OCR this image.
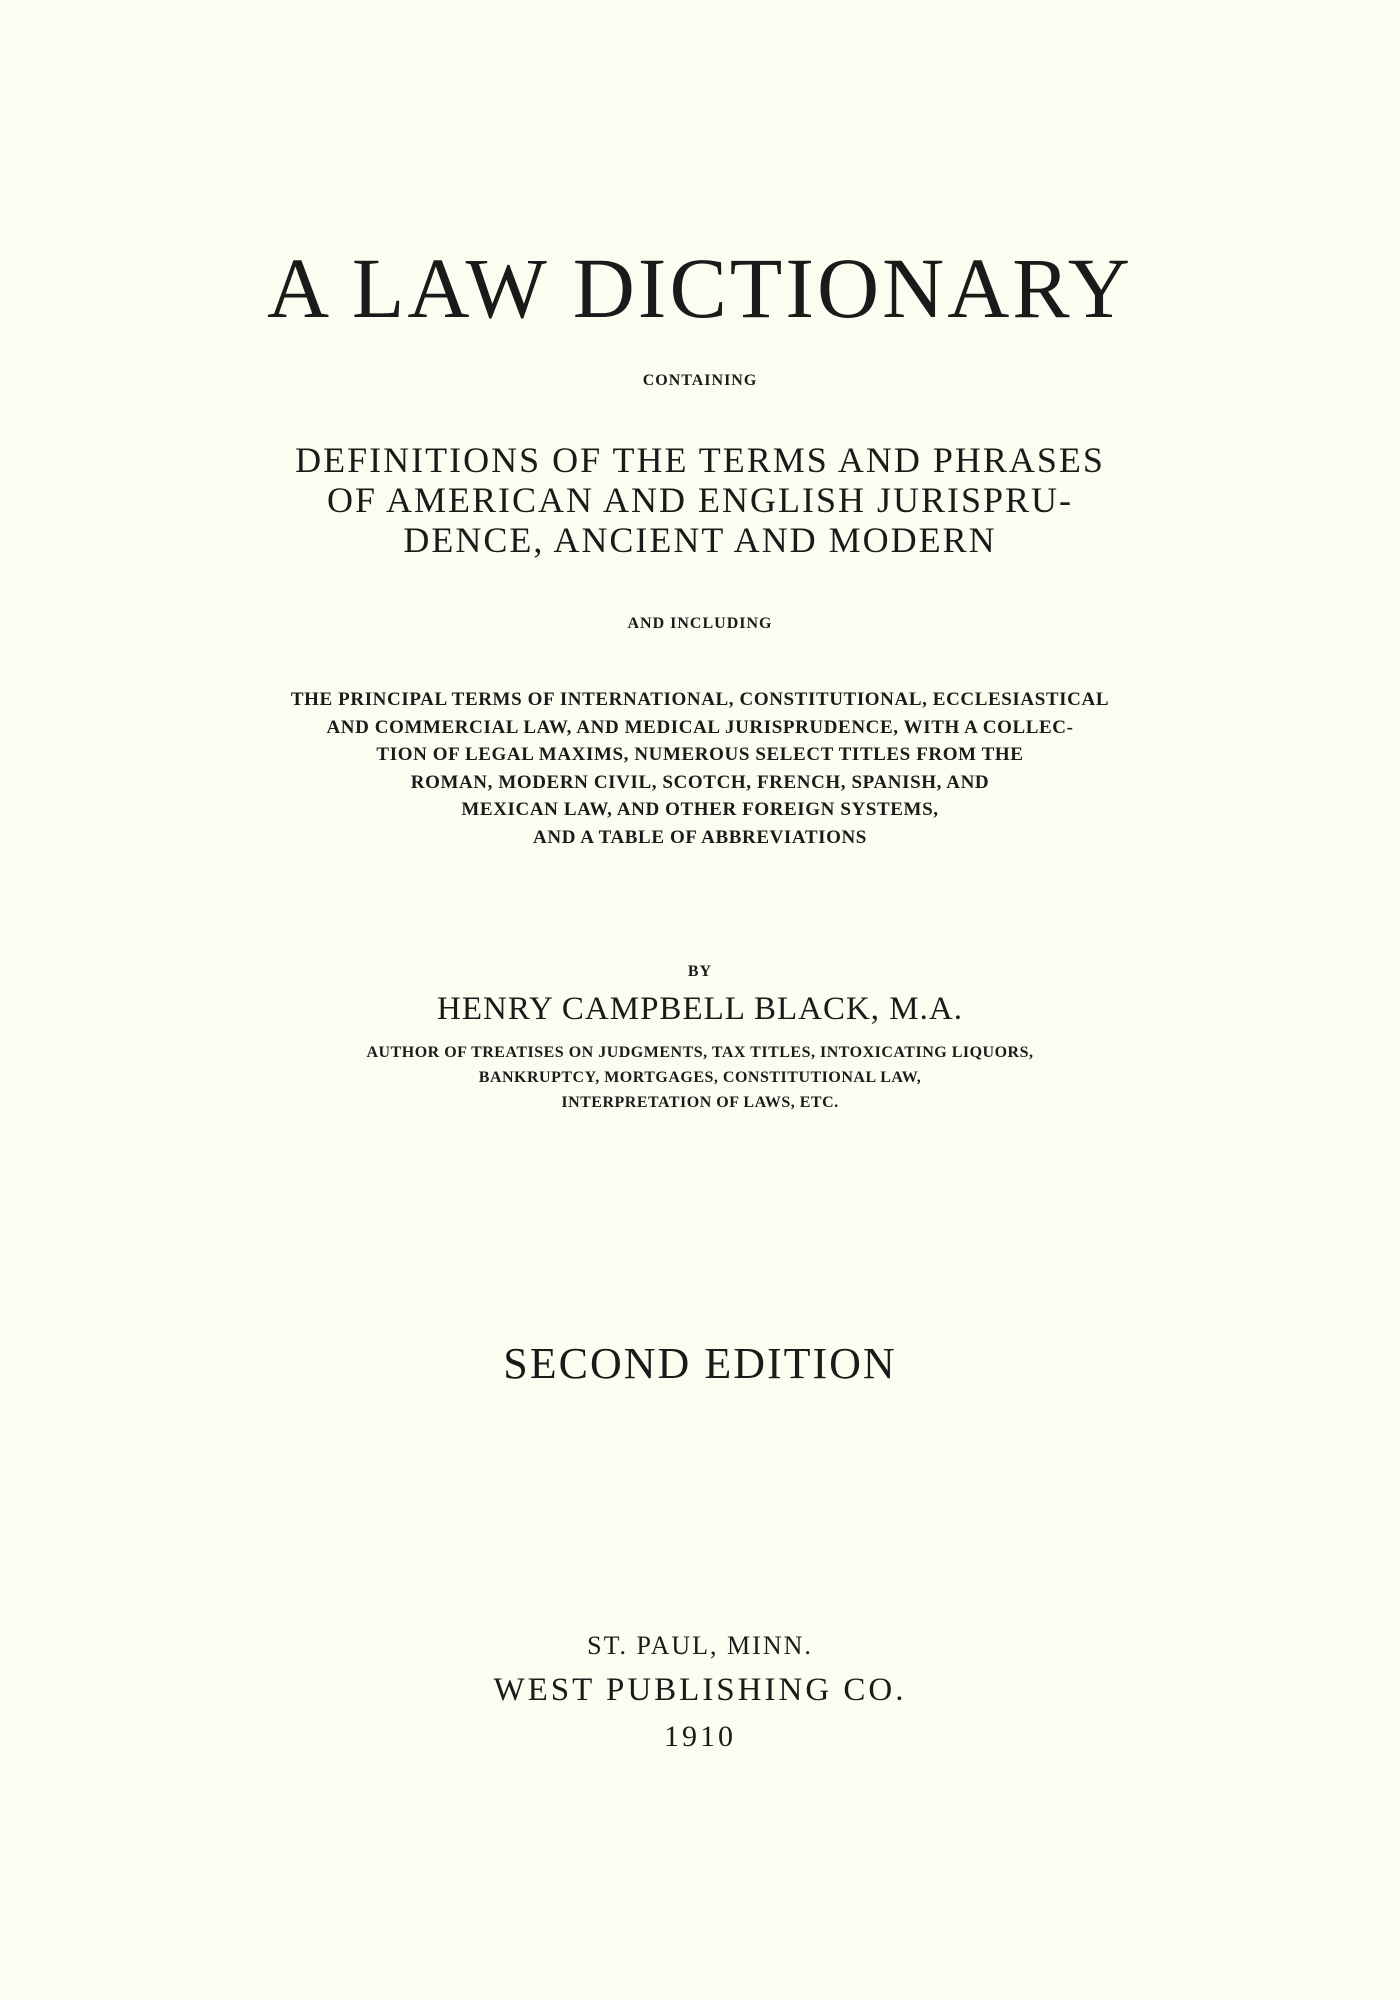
A LAW DICTIONARY
CONTAINING
DEFINITIONS OF THE TERMS AND PHRASES
OF AMERICAN AND ENGLISH JURISPRU-
DENCE, ANCIENT AND MODERN
AND INCLUDING
THE PRINCIPAL TERMS OF INTERNATIONAL, CONSTITUTIONAL, ECCLESIASTICAL
AND COMMERCIAL LAW, AND MEDICAL JURISPRUDENCE, WITH A COLLEC-
TION OF LEGAL MAXIMS, NUMEROUS SELECT TITLES FROM THE
ROMAN, MODERN CIVIL, SCOTCH, FRENCH, SPANISH, AND
MEXICAN LAW, AND OTHER FOREIGN SYSTEMS,
AND A TABLE OF ABBREVIATIONS
BY
HENRY CAMPBELL BLACK, M.A.
AUTHOR OF TREATISES ON JUDGMENTS, TAX TITLES, INTOXICATING LIQUORS,
BANKRUPTCY, MORTGAGES, CONSTITUTIONAL LAW,
INTERPRETATION OF LAWS, ETC.
SECOND EDITION
ST. PAUL, MINN.
WEST PUBLISHING CO.
1910
